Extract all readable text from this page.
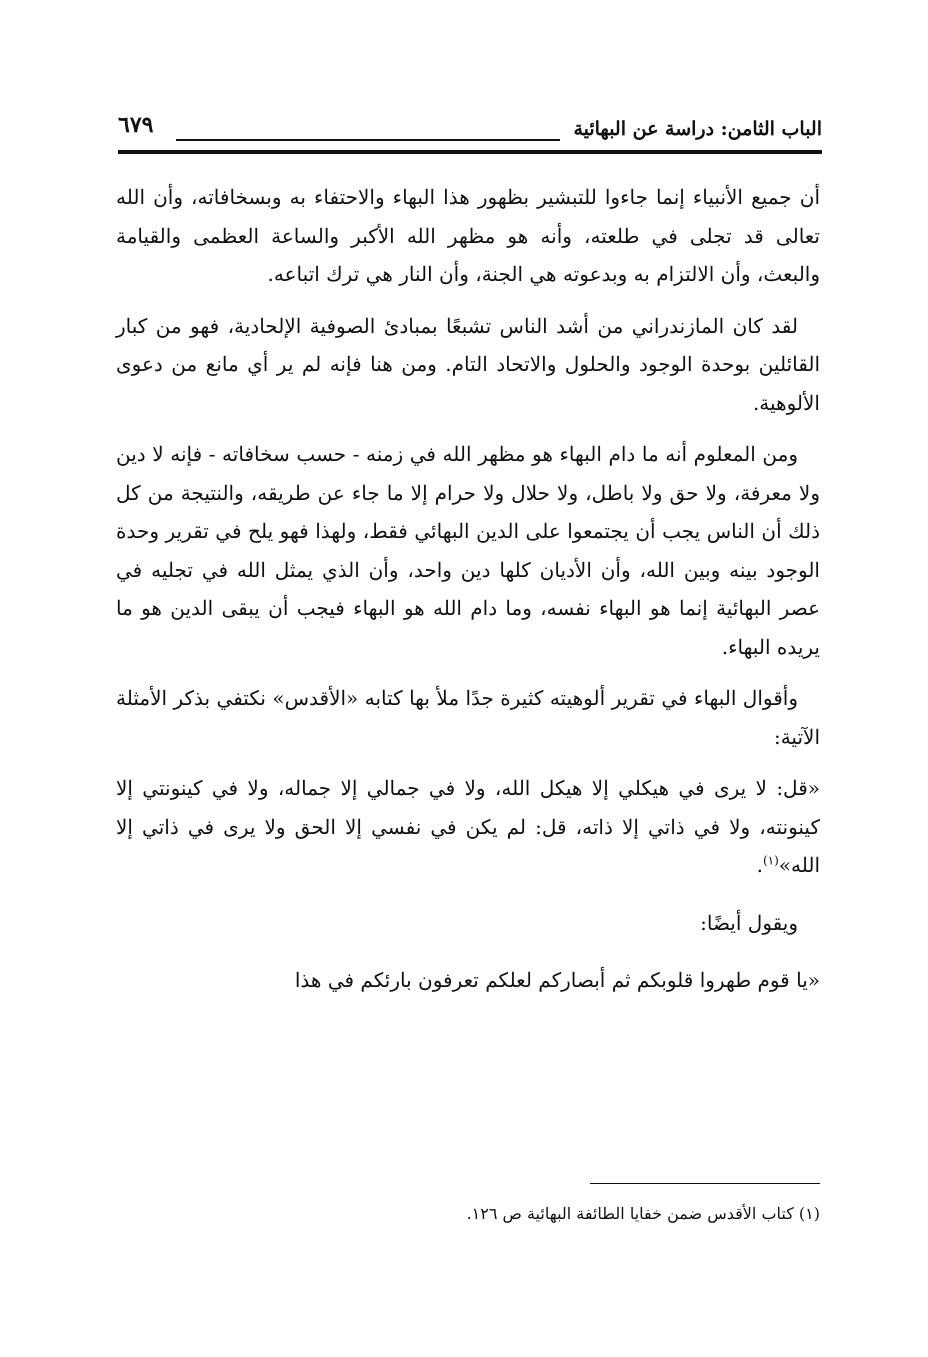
الباب الثامن: دراسة عن البهائية
٦٧٩

أن جميع الأنبياء إنما جاءوا للتبشير بظهور هذا البهاء والاحتفاء به وبسخافاته، وأن الله تعالى قد تجلى في طلعته، وأنه هو مظهر الله الأكبر والساعة العظمى والقيامة والبعث، وأن الالتزام به وبدعوته هي الجنة، وأن النار هي ترك اتباعه.

لقد كان المازندراني من أشد الناس تشبعًا بمبادئ الصوفية الإلحادية، فهو من كبار القائلين بوحدة الوجود والحلول والاتحاد التام. ومن هنا فإنه لم ير أي مانع من دعوى الألوهية.

ومن المعلوم أنه ما دام البهاء هو مظهر الله في زمنه - حسب سخافاته - فإنه لا دين ولا معرفة، ولا حق ولا باطل، ولا حلال ولا حرام إلا ما جاء عن طريقه، والنتيجة من كل ذلك أن الناس يجب أن يجتمعوا على الدين البهائي فقط، ولهذا فهو يلح في تقرير وحدة الوجود بينه وبين الله، وأن الأديان كلها دين واحد، وأن الذي يمثل الله في تجليه في عصر البهائية إنما هو البهاء نفسه، وما دام الله هو البهاء فيجب أن يبقى الدين هو ما يريده البهاء.

وأقوال البهاء في تقرير ألوهيته كثيرة جدًا ملأ بها كتابه «الأقدس» نكتفي بذكر الأمثلة الآتية:

«قل: لا يرى في هيكلي إلا هيكل الله، ولا في جمالي إلا جماله، ولا في كينونتي إلا كينونته، ولا في ذاتي إلا ذاته، قل: لم يكن في نفسي إلا الحق ولا يرى في ذاتي إلا الله»$^{(١)}$.

ويقول أيضًا:

«يا قوم طهروا قلوبكم ثم أبصاركم لعلكم تعرفون بارئكم في هذا

(١) كتاب الأقدس ضمن خفايا الطائفة البهائية ص ١٢٦.
